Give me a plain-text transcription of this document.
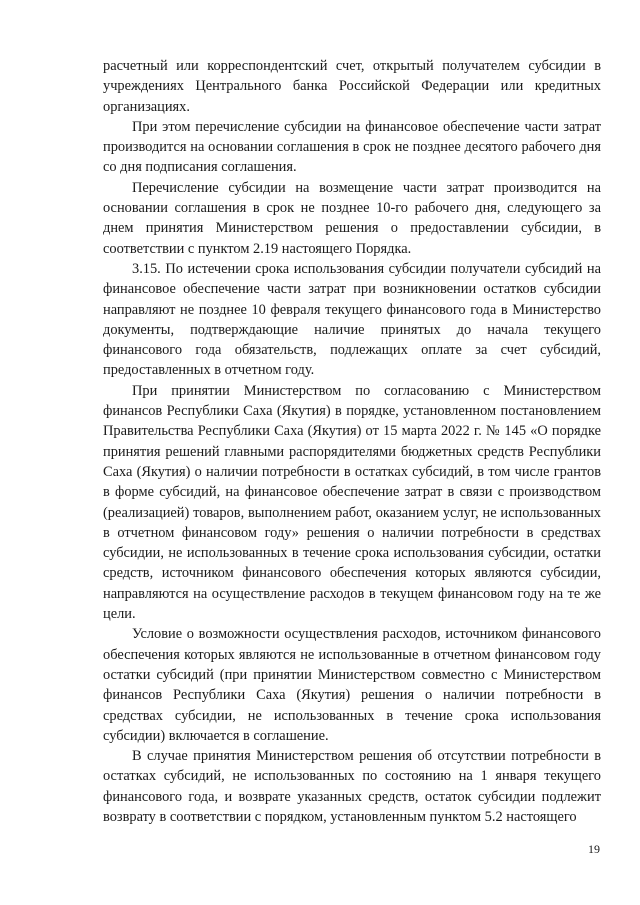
расчетный или корреспондентский счет, открытый получателем субсидии в учреждениях Центрального банка Российской Федерации или кредитных организациях.

При этом перечисление субсидии на финансовое обеспечение части затрат производится на основании соглашения в срок не позднее десятого рабочего дня со дня подписания соглашения.

Перечисление субсидии на возмещение части затрат производится на основании соглашения в срок не позднее 10-го рабочего дня, следующего за днем принятия Министерством решения о предоставлении субсидии, в соответствии с пунктом 2.19 настоящего Порядка.

3.15. По истечении срока использования субсидии получатели субсидий на финансовое обеспечение части затрат при возникновении остатков субсидии направляют не позднее 10 февраля текущего финансового года в Министерство документы, подтверждающие наличие принятых до начала текущего финансового года обязательств, подлежащих оплате за счет субсидий, предоставленных в отчетном году.

При принятии Министерством по согласованию с Министерством финансов Республики Саха (Якутия) в порядке, установленном постановлением Правительства Республики Саха (Якутия) от 15 марта 2022 г. № 145 «О порядке принятия решений главными распорядителями бюджетных средств Республики Саха (Якутия) о наличии потребности в остатках субсидий, в том числе грантов в форме субсидий, на финансовое обеспечение затрат в связи с производством (реализацией) товаров, выполнением работ, оказанием услуг, не использованных в отчетном финансовом году» решения о наличии потребности в средствах субсидии, не использованных в течение срока использования субсидии, остатки средств, источником финансового обеспечения которых являются субсидии, направляются на осуществление расходов в текущем финансовом году на те же цели.

Условие о возможности осуществления расходов, источником финансового обеспечения которых являются не использованные в отчетном финансовом году остатки субсидий (при принятии Министерством совместно с Министерством финансов Республики Саха (Якутия) решения о наличии потребности в средствах субсидии, не использованных в течение срока использования субсидии) включается в соглашение.

В случае принятия Министерством решения об отсутствии потребности в остатках субсидий, не использованных по состоянию на 1 января текущего финансового года, и возврате указанных средств, остаток субсидии подлежит возврату в соответствии с порядком, установленным пунктом 5.2 настоящего

19
